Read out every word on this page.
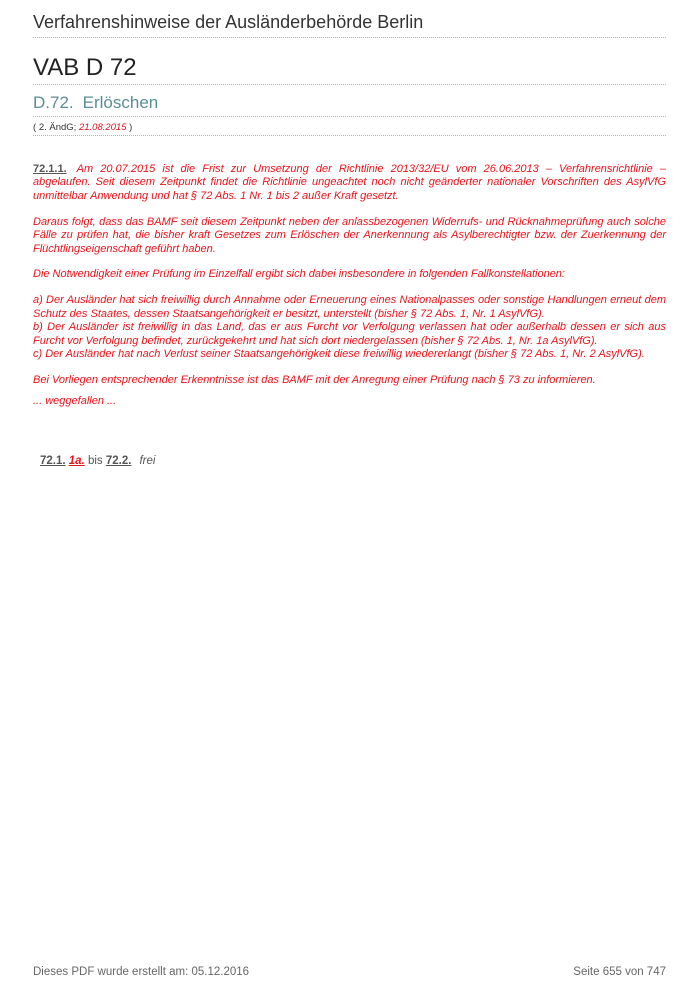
Verfahrenshinweise der Ausländerbehörde Berlin
VAB D 72
D.72. Erlöschen
( 2. ÄndG; 21.08.2015 )

72.1.1. Am 20.07.2015 ist die Frist zur Umsetzung der Richtlinie 2013/32/EU vom 26.06.2013 – Verfahrensrichtlinie – abgelaufen. Seit diesem Zeitpunkt findet die Richtlinie ungeachtet noch nicht geänderter nationaler Vorschriften des AsylVfG unmittelbar Anwendung und hat § 72 Abs. 1 Nr. 1 bis 2 außer Kraft gesetzt.

Daraus folgt, dass das BAMF seit diesem Zeitpunkt neben der anlassbezogenen Widerrufs- und Rücknahmeprüfung auch solche Fälle zu prüfen hat, die bisher kraft Gesetzes zum Erlöschen der Anerkennung als Asylberechtigter bzw. der Zuerkennung der Flüchtlingseigenschaft geführt haben.

Die Notwendigkeit einer Prüfung im Einzelfall ergibt sich dabei insbesondere in folgenden Fallkonstellationen:

a) Der Ausländer hat sich freiwillig durch Annahme oder Erneuerung eines Nationalpasses oder sonstige Handlungen erneut dem Schutz des Staates, dessen Staatsangehörigkeit er besitzt, unterstellt (bisher § 72 Abs. 1, Nr. 1 AsylVfG).

b) Der Ausländer ist freiwillig in das Land, das er aus Furcht vor Verfolgung verlassen hat oder außerhalb dessen er sich aus Furcht vor Verfolgung befindet, zurückgekehrt und hat sich dort niedergelassen (bisher § 72 Abs. 1, Nr. 1a AsylVfG).

c) Der Ausländer hat nach Verlust seiner Staatsangehörigkeit diese freiwillig wiedererlangt (bisher § 72 Abs. 1, Nr. 2 AsylVfG).

Bei Vorliegen entsprechender Erkenntnisse ist das BAMF mit der Anregung einer Prüfung nach § 73 zu informieren.

... weggefallen ...

72.1. 1a. bis 72.2. frei
Dieses PDF wurde erstellt am: 05.12.2016	Seite 655 von 747
